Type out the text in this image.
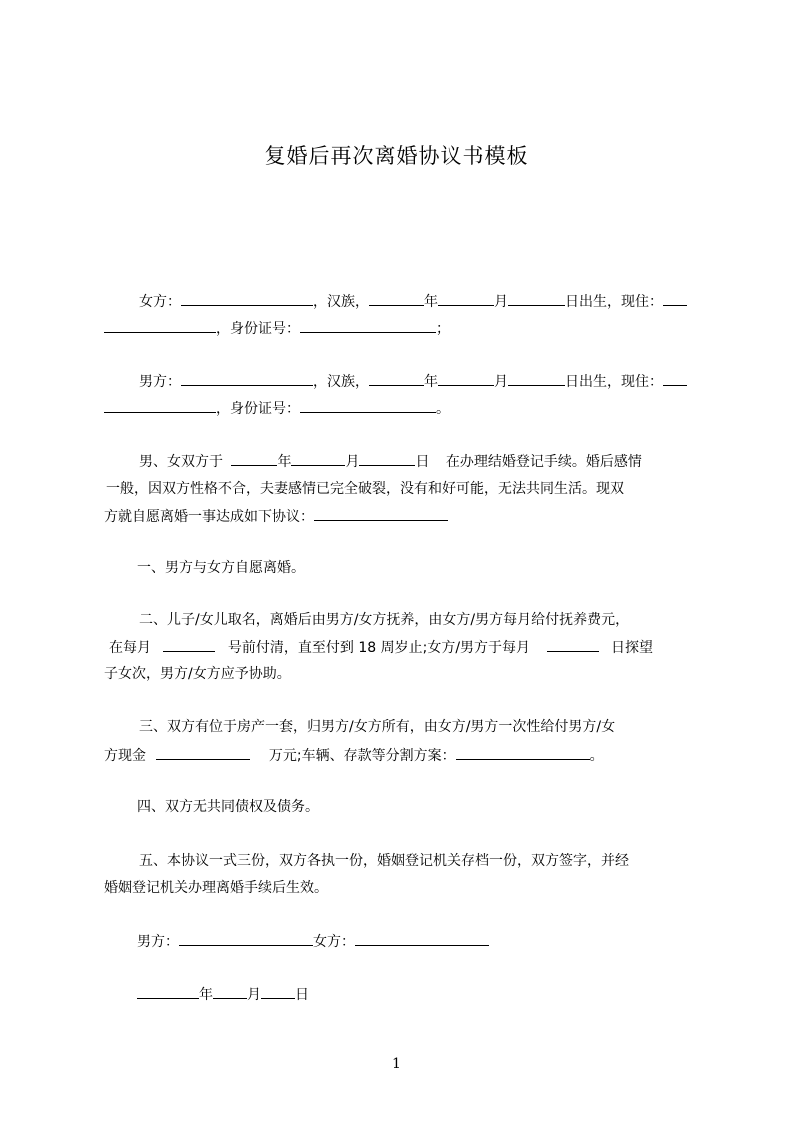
复婚后再次离婚协议书模板
女方：	，汉族，	年	月	日出生，现住：
，身份证号：	；
男方：	，汉族，	年	月	日出生，现住：
，身份证号：	。
男、女双方于	年	月	日 在办理结婚登记手续。婚后感情
一般，因双方性格不合，夫妻感情已完全破裂，没有和好可能，无法共同生活。现双
方就自愿离婚一事达成如下协议：
一、男方与女方自愿离婚。
二、儿子/女儿取名，离婚后由男方/女方抚养，由女方/男方每月给付抚养费元，
在每月	号前付清，直至付到 18 周岁止;女方/男方于每月	日探望
子女次，男方/女方应予协助。
三、双方有位于房产一套，归男方/女方所有，由女方/男方一次性给付男方/女
方现金	万元;车辆、存款等分割方案：	。
四、双方无共同债权及债务。
五、本协议一式三份，双方各执一份，婚姻登记机关存档一份，双方签字，并经
婚姻登记机关办理离婚手续后生效。
男方：	女方：
年 月 日
1
